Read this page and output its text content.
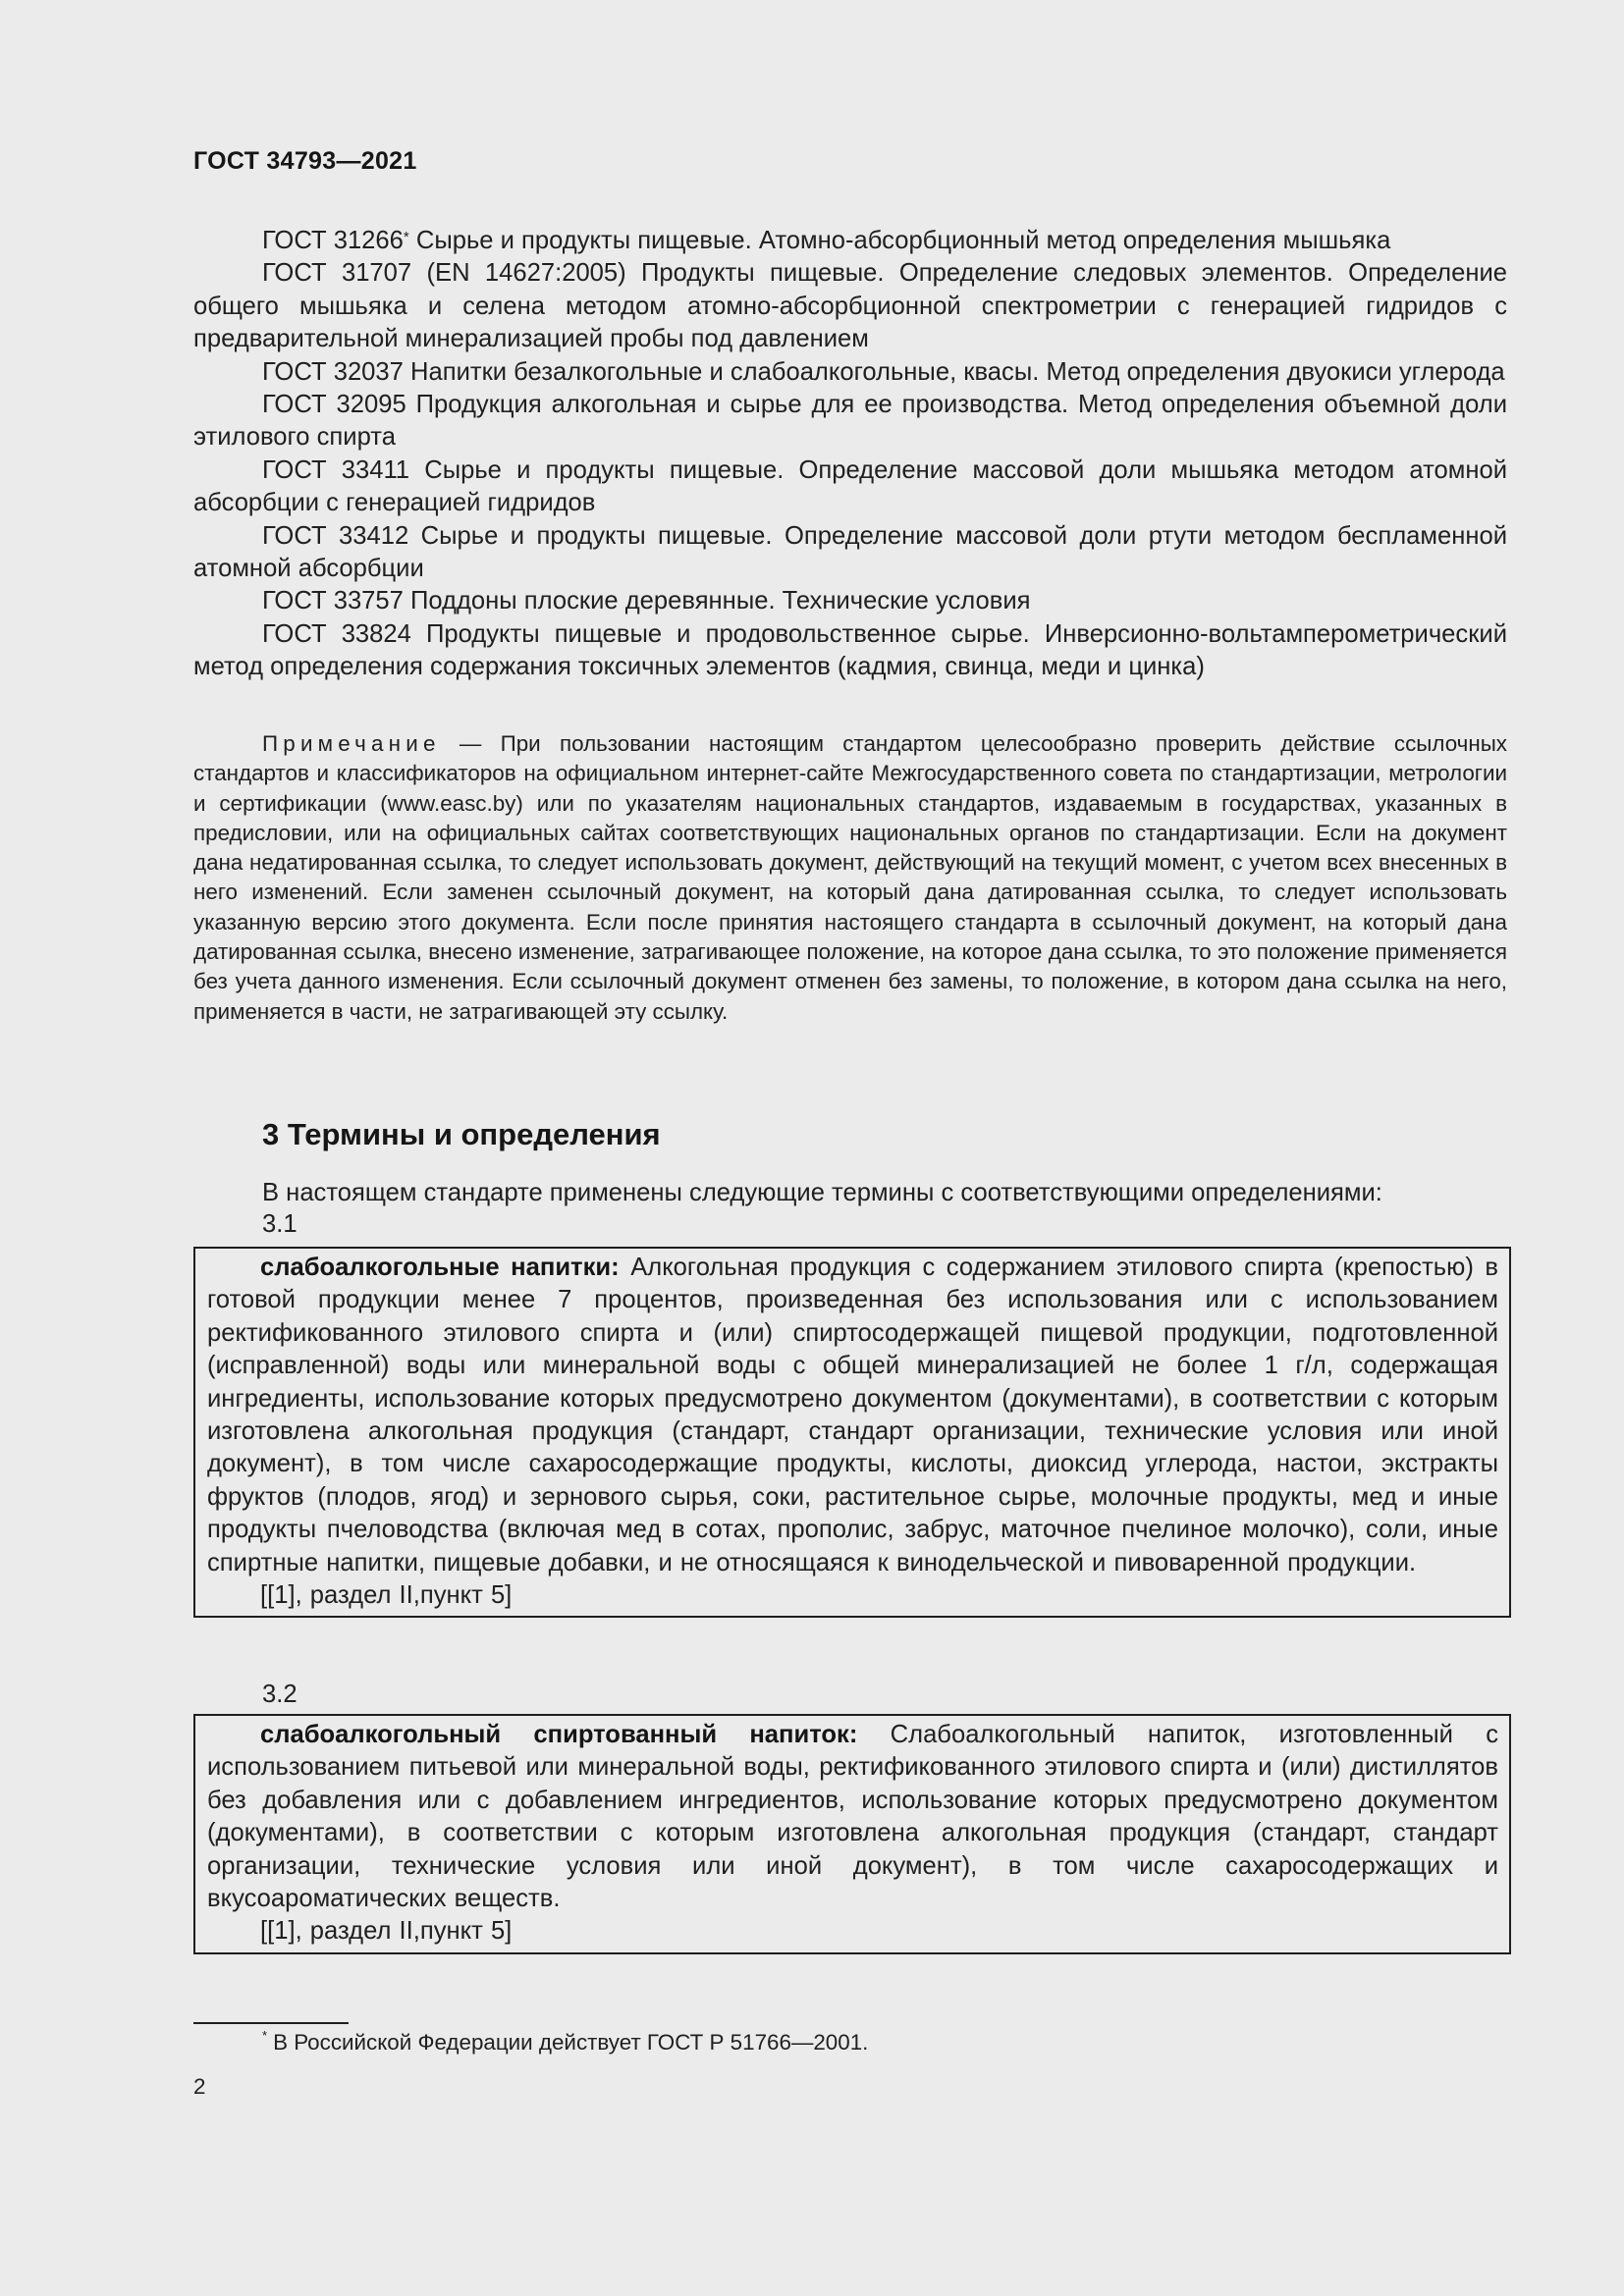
ГОСТ 34793—2021

ГОСТ 31266* Сырье и продукты пищевые. Атомно-абсорбционный метод определения мышьяка

ГОСТ 31707 (EN 14627:2005) Продукты пищевые. Определение следовых элементов. Определение общего мышьяка и селена методом атомно-абсорбционной спектрометрии с генерацией гидридов с предварительной минерализацией пробы под давлением

ГОСТ 32037 Напитки безалкогольные и слабоалкогольные, квасы. Метод определения двуокиси углерода

ГОСТ 32095 Продукция алкогольная и сырье для ее производства. Метод определения объемной доли этилового спирта

ГОСТ 33411 Сырье и продукты пищевые. Определение массовой доли мышьяка методом атомной абсорбции с генерацией гидридов

ГОСТ 33412 Сырье и продукты пищевые. Определение массовой доли ртути методом беспламенной атомной абсорбции

ГОСТ 33757 Поддоны плоские деревянные. Технические условия

ГОСТ 33824 Продукты пищевые и продовольственное сырье. Инверсионно-вольтамперометрический метод определения содержания токсичных элементов (кадмия, свинца, меди и цинка)

Примечание — При пользовании настоящим стандартом целесообразно проверить действие ссылочных стандартов и классификаторов на официальном интернет-сайте Межгосударственного совета по стандартизации, метрологии и сертификации (www.easc.by) или по указателям национальных стандартов, издаваемым в государствах, указанных в предисловии, или на официальных сайтах соответствующих национальных органов по стандартизации. Если на документ дана недатированная ссылка, то следует использовать документ, действующий на текущий момент, с учетом всех внесенных в него изменений. Если заменен ссылочный документ, на который дана датированная ссылка, то следует использовать указанную версию этого документа. Если после принятия настоящего стандарта в ссылочный документ, на который дана датированная ссылка, внесено изменение, затрагивающее положение, на которое дана ссылка, то это положение применяется без учета данного изменения. Если ссылочный документ отменен без замены, то положение, в котором дана ссылка на него, применяется в части, не затрагивающей эту ссылку.
3 Термины и определения
В настоящем стандарте применены следующие термины с соответствующими определениями:
3.1

слабоалкогольные напитки: Алкогольная продукция с содержанием этилового спирта (крепостью) в готовой продукции менее 7 процентов, произведенная без использования или с использованием ректификованного этилового спирта и (или) спиртосодержащей пищевой продукции, подготовленной (исправленной) воды или минеральной воды с общей минерализацией не более 1 г/л, содержащая ингредиенты, использование которых предусмотрено документом (документами), в соответствии с которым изготовлена алкогольная продукция (стандарт, стандарт организации, технические условия или иной документ), в том числе сахаросодержащие продукты, кислоты, диоксид углерода, настои, экстракты фруктов (плодов, ягод) и зернового сырья, соки, растительное сырье, молочные продукты, мед и иные продукты пчеловодства (включая мед в сотах, прополис, забрус, маточное пчелиное молочко), соли, иные спиртные напитки, пищевые добавки, и не относящаяся к винодельческой и пивоваренной продукции.

[[1], раздел II,пункт 5]

3.2

слабоалкогольный спиртованный напиток: Слабоалкогольный напиток, изготовленный с использованием питьевой или минеральной воды, ректификованного этилового спирта и (или) дистиллятов без добавления или с добавлением ингредиентов, использование которых предусмотрено документом (документами), в соответствии с которым изготовлена алкогольная продукция (стандарт, стандарт организации, технические условия или иной документ), в том числе сахаросодержащих и вкусоароматических веществ.

[[1], раздел II,пункт 5]

* В Российской Федерации действует ГОСТ Р 51766—2001.
2
